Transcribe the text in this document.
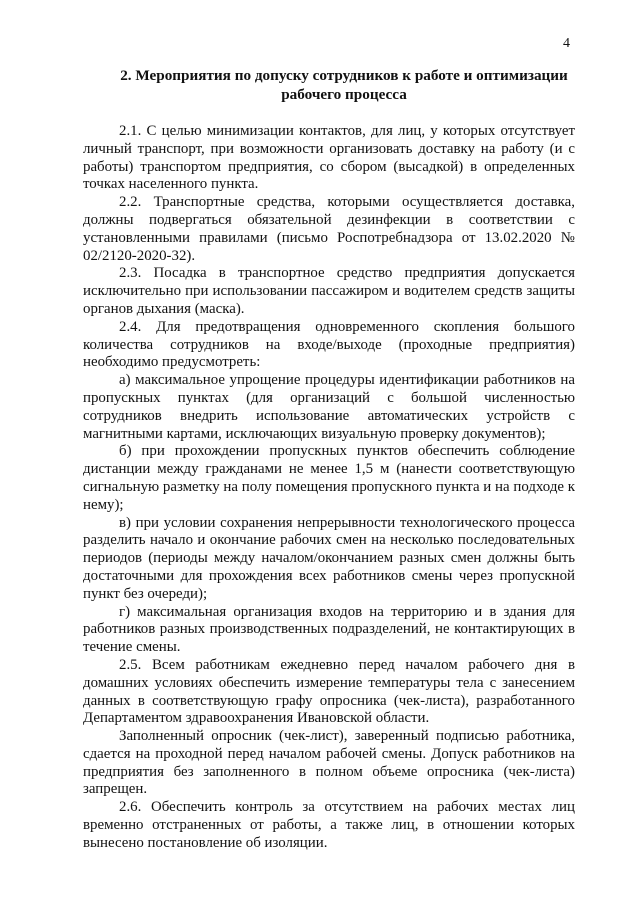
4
2. Мероприятия по допуску сотрудников к работе и оптимизации
рабочего процесса

2.1. С целью минимизации контактов, для лиц, у которых отсутствует личный транспорт, при возможности организовать доставку на работу (и с работы) транспортом предприятия, со сбором (высадкой) в определенных точках населенного пункта.

2.2. Транспортные средства, которыми осуществляется доставка, должны подвергаться обязательной дезинфекции в соответствии с установленными правилами (письмо Роспотребнадзора от 13.02.2020 № 02/2120-2020-32).

2.3. Посадка в транспортное средство предприятия допускается исключительно при использовании пассажиром и водителем средств защиты органов дыхания (маска).

2.4. Для предотвращения одновременного скопления большого количества сотрудников на входе/выходе (проходные предприятия) необходимо предусмотреть:

а) максимальное упрощение процедуры идентификации работников на пропускных пунктах (для организаций с большой численностью сотрудников внедрить использование автоматических устройств с магнитными картами, исключающих визуальную проверку документов);

б) при прохождении пропускных пунктов обеспечить соблюдение дистанции между гражданами не менее 1,5 м (нанести соответствующую сигнальную разметку на полу помещения пропускного пункта и на подходе к нему);

в) при условии сохранения непрерывности технологического процесса разделить начало и окончание рабочих смен на несколько последовательных периодов (периоды между началом/окончанием разных смен должны быть достаточными для прохождения всех работников смены через пропускной пункт без очереди);

г) максимальная организация входов на территорию и в здания для работников разных производственных подразделений, не контактирующих в течение смены.

2.5. Всем работникам ежедневно перед началом рабочего дня в домашних условиях обеспечить измерение температуры тела с занесением данных в соответствующую графу опросника (чек-листа), разработанного Департаментом здравоохранения Ивановской области.

Заполненный опросник (чек-лист), заверенный подписью работника, сдается на проходной перед началом рабочей смены. Допуск работников на предприятия без заполненного в полном объеме опросника (чек-листа) запрещен.

2.6. Обеспечить контроль за отсутствием на рабочих местах лиц временно отстраненных от работы, а также лиц, в отношении которых вынесено постановление об изоляции.
